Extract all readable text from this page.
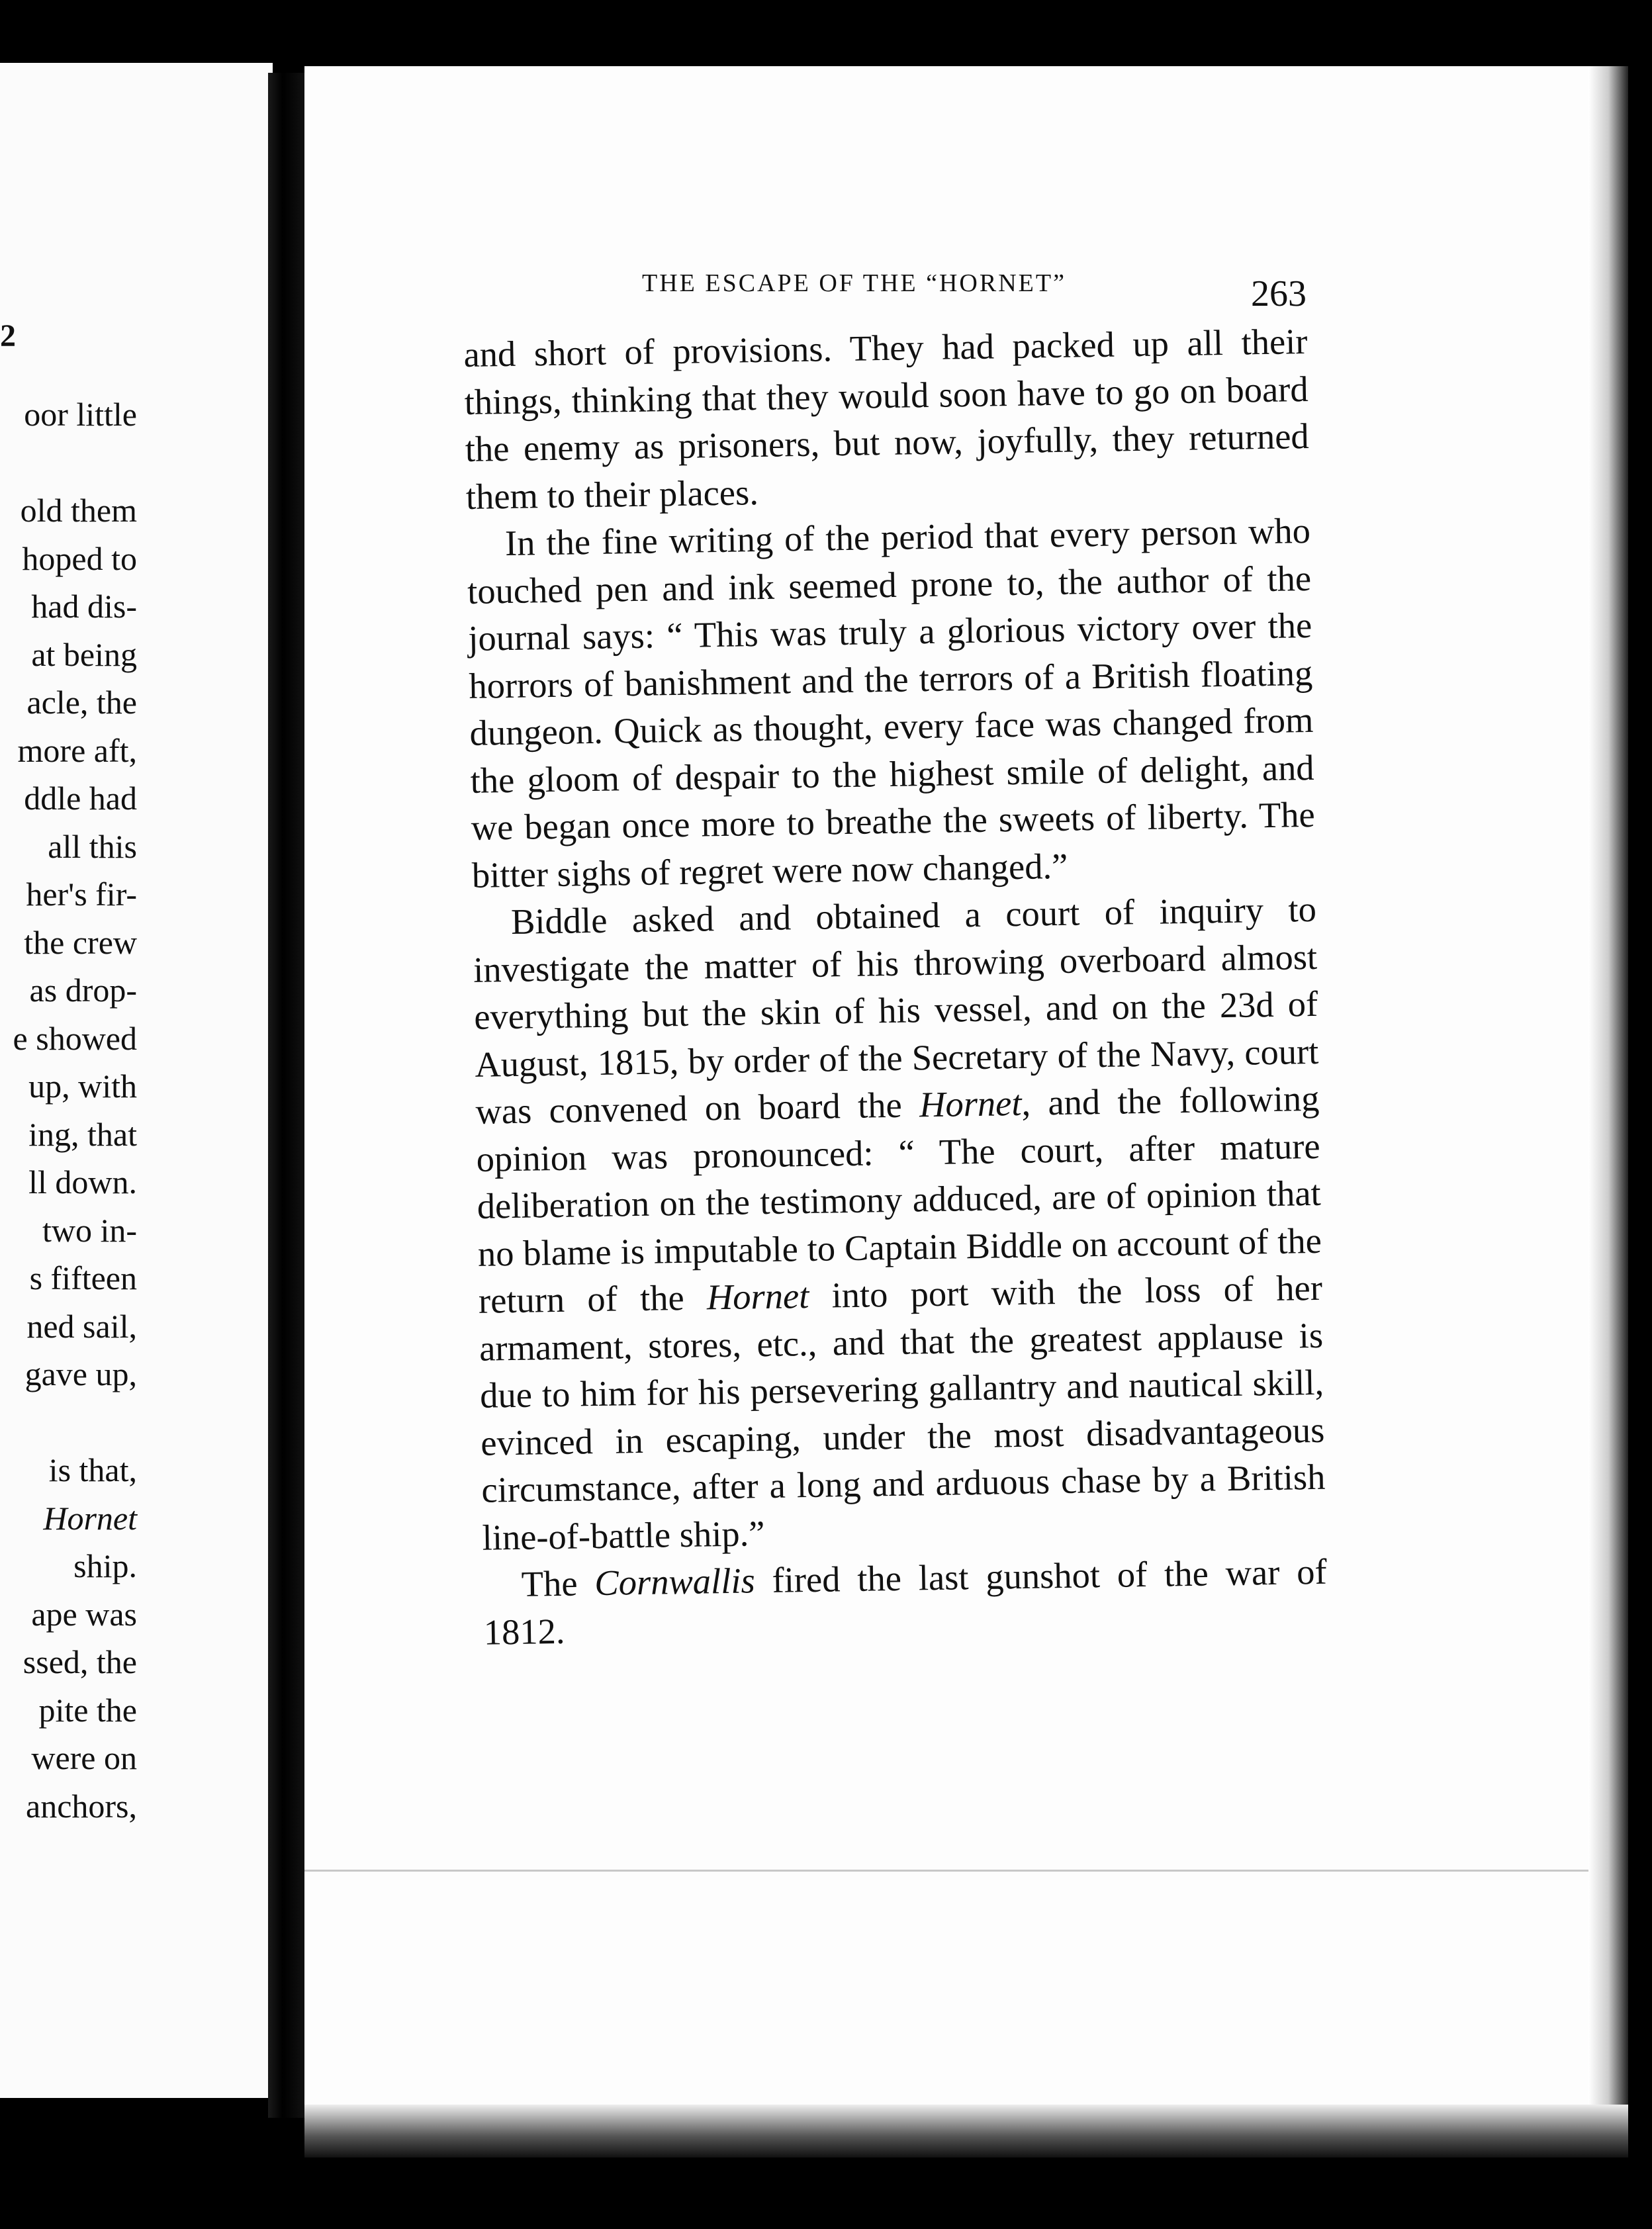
2
oor little
old them
hoped to
had dis-
at being
acle, the
more aft,
ddle had
all this
her's fir-
the crew
as drop-
e showed
up, with
ing, that
ll down.
two in-
s fifteen
ned sail,
gave up,
is that,
Hornet
ship.
ape was
ssed, the
pite the
were on
anchors,
THE ESCAPE OF THE “HORNET”	263

and short of provisions. They had packed up all their things, thinking that they would soon have to go on board the enemy as prisoners, but now, joyfully, they returned them to their places.

In the fine writing of the period that every person who touched pen and ink seemed prone to, the author of the journal says: “ This was truly a glorious victory over the horrors of banishment and the terrors of a British floating dungeon. Quick as thought, every face was changed from the gloom of despair to the highest smile of delight, and we began once more to breathe the sweets of liberty. The bitter sighs of regret were now changed.”

Biddle asked and obtained a court of inquiry to investigate the matter of his throwing overboard almost everything but the skin of his vessel, and on the 23d of August, 1815, by order of the Secretary of the Navy, court was convened on board the Hornet, and the following opinion was pronounced: “ The court, after mature deliberation on the testimony adduced, are of opinion that no blame is imputable to Captain Biddle on account of the return of the Hornet into port with the loss of her armament, stores, etc., and that the greatest applause is due to him for his persevering gallantry and nautical skill, evinced in escaping, under the most disadvantageous circumstance, after a long and arduous chase by a British line-of-battle ship.”

The Cornwallis fired the last gunshot of the war of 1812.
